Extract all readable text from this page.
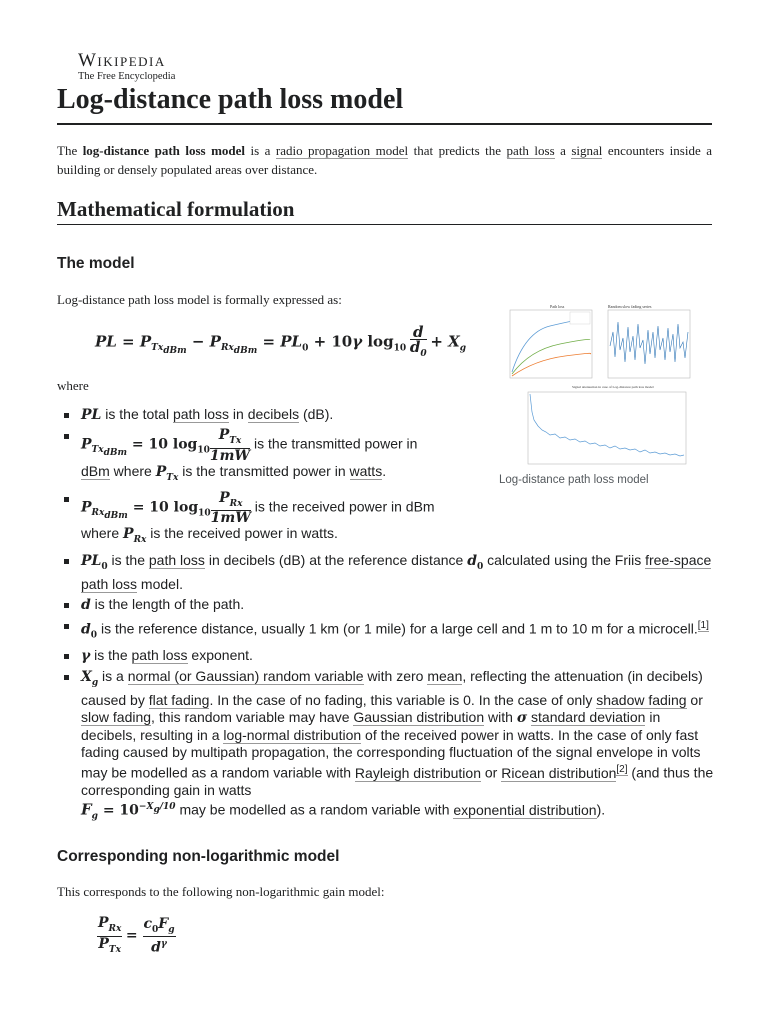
Wikipedia
The Free Encyclopedia
Log-distance path loss model
The log-distance path loss model is a radio propagation model that predicts the path loss a signal encounters inside a building or densely populated areas over distance.
Mathematical formulation
The model
Log-distance path loss model is formally expressed as:
PL = $P_{Tx_{dBm}} - P_{Rx_{dBm}} = PL_0 + 10\gamma$ $\log_{10} \frac{d}{d_0} + X_g$
where
Path loss	Random slow fading series
Signal attenuation in case of Log-distance path loss model
Log-distance path loss model
PL is the total path loss in decibels (dB).
$P_{Tx_{dBm}} = 10$ $\log_{10} \frac{P_{Tx}}{1mW}$ is the transmitted power in
dBm where $P_{Tx}$ is the transmitted power in watts.
$P_{Rx_{dBm}} = 10$ $\log_{10} \frac{P_{Rx}}{1mW}$ is the received power in dBm
where $P_{Rx}$ is the received power in watts.
$PL_0$ is the path loss in decibels (dB) at the reference distance $d_0$ calculated using the Friis free-space path loss model.
d is the length of the path.
$d_0$ is the reference distance, usually 1 km (or 1 mile) for a large cell and 1 m to 10 m for a microcell.[1]
γ is the path loss exponent.
$X_g$ is a normal (or Gaussian) random variable with zero mean, reflecting the attenuation (in decibels) caused by flat fading. In the case of no fading, this variable is 0. In the case of only shadow fading or slow fading, this random variable may have Gaussian distribution with σ standard deviation in decibels, resulting in a log-normal distribution of the received power in watts. In the case of only fast fading caused by multipath propagation, the corresponding fluctuation of the signal envelope in volts may be modelled as a random variable with Rayleigh distribution or Ricean distribution[2] (and thus the corresponding gain in watts
$F_g = 10^{-X_g/10}$ may be modelled as a random variable with exponential distribution).
Corresponding non-logarithmic model
This corresponds to the following non-logarithmic gain model:
$\frac{P_{Rx}}{P_{Tx}} = \frac{c_0F_g}{d^\gamma}$
